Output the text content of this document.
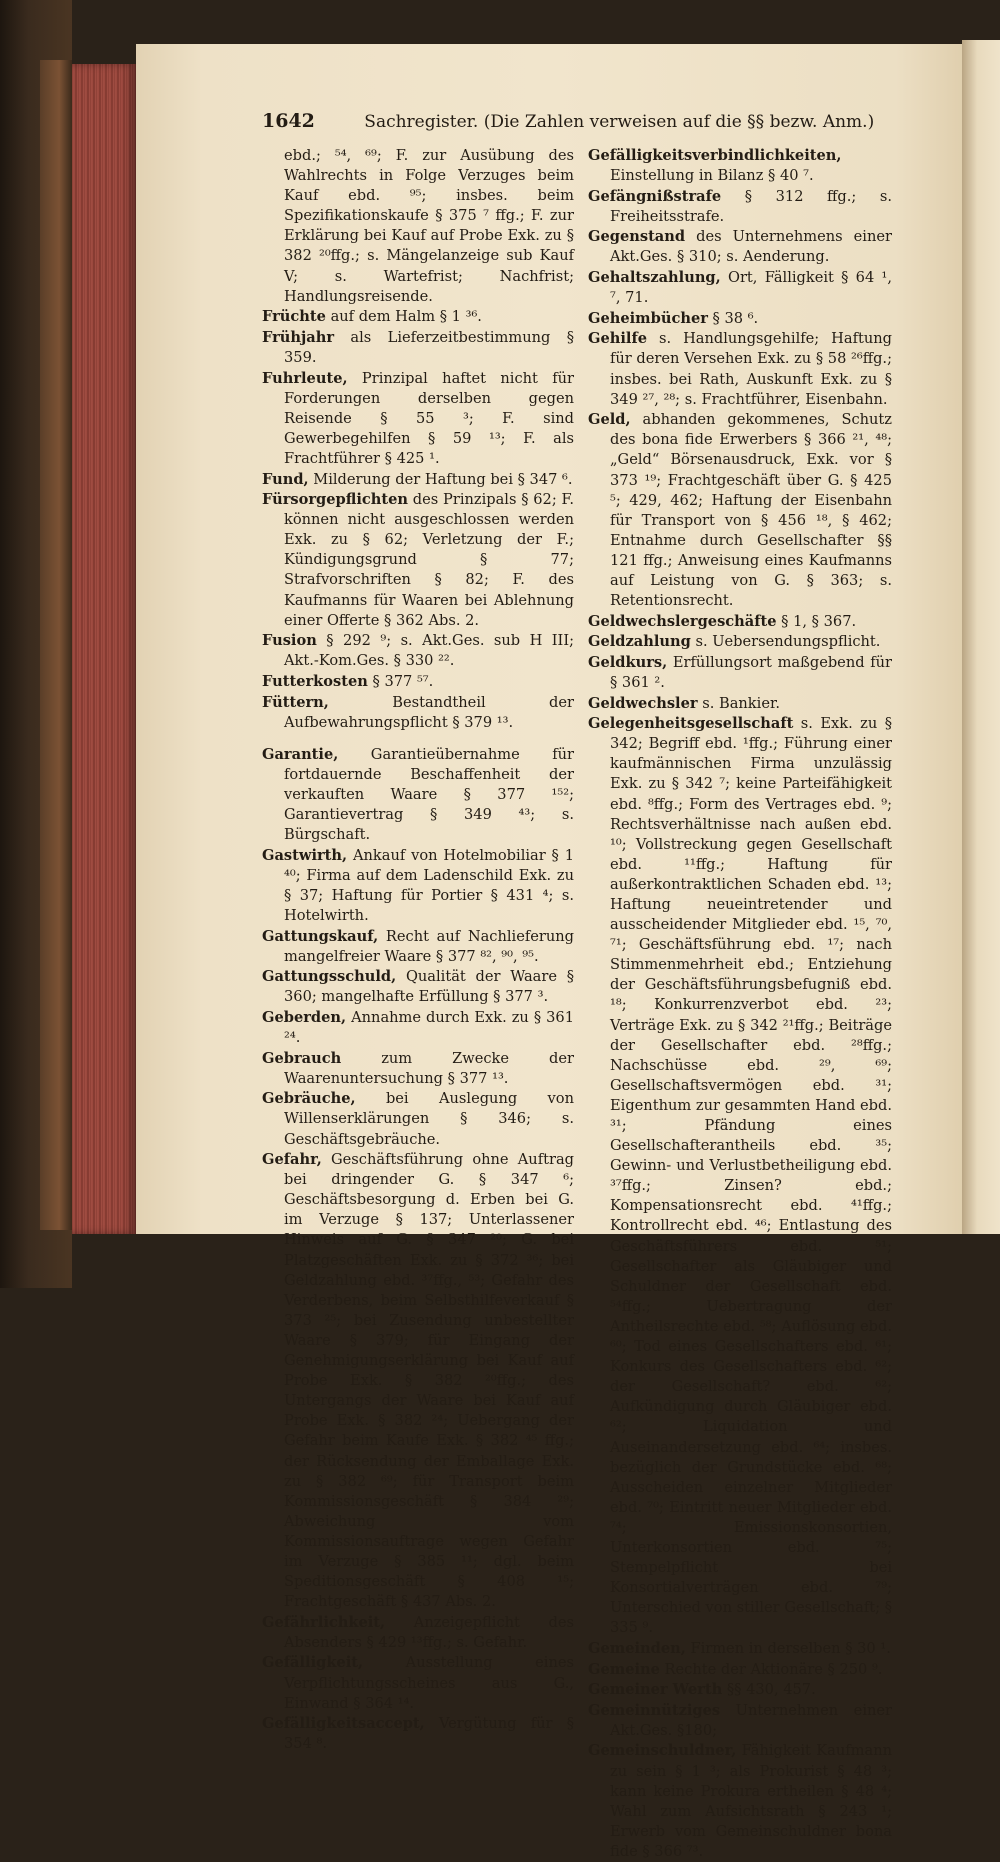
1642	Sachregister. (Die Zahlen verweisen auf die §§ bezw. Anm.)
ebd.; ⁵⁴, ⁶⁹; F. zur Ausübung des Wahlrechts in Folge Verzuges beim Kauf ebd. ⁹⁵; insbes. beim Spezifikationskaufe § 375 ⁷ ffg.; F. zur Erklärung bei Kauf auf Probe Exk. zu § 382 ²⁰ffg.; s. Mängelanzeige sub Kauf V; s. Wartefrist; Nachfrist; Handlungsreisende.
Früchte auf dem Halm § 1 ³⁶.
Frühjahr als Lieferzeitbestimmung § 359.
Fuhrleute, Prinzipal haftet nicht für Forderungen derselben gegen Reisende § 55 ³; F. sind Gewerbegehilfen § 59 ¹³; F. als Frachtführer § 425 ¹.
Fund, Milderung der Haftung bei § 347 ⁶.
Fürsorgepflichten des Prinzipals § 62; F. können nicht ausgeschlossen werden Exk. zu § 62; Verletzung der F.; Kündigungsgrund § 77; Strafvorschriften § 82; F. des Kaufmanns für Waaren bei Ablehnung einer Offerte § 362 Abs. 2.
Fusion § 292 ⁹; s. Akt.Ges. sub H III; Akt.-Kom.Ges. § 330 ²².
Futterkosten § 377 ⁵⁷.
Füttern, Bestandtheil der Aufbewahrungspflicht § 379 ¹³.
Garantie, Garantieübernahme für fortdauernde Beschaffenheit der verkauften Waare § 377 ¹⁵²; Garantievertrag § 349 ⁴³; s. Bürgschaft.
Gastwirth, Ankauf von Hotelmobiliar § 1 ⁴⁰; Firma auf dem Ladenschild Exk. zu § 37; Haftung für Portier § 431 ⁴; s. Hotelwirth.
Gattungskauf, Recht auf Nachlieferung mangelfreier Waare § 377 ⁸², ⁹⁰, ⁹⁵.
Gattungsschuld, Qualität der Waare § 360; mangelhafte Erfüllung § 377 ³.
Geberden, Annahme durch Exk. zu § 361 ²⁴.
Gebrauch zum Zwecke der Waarenuntersuchung § 377 ¹³.
Gebräuche, bei Auslegung von Willenserklärungen § 346; s. Geschäftsgebräuche.
Gefahr, Geschäftsführung ohne Auftrag bei dringender G. § 347 ⁶; Geschäftsbesorgung d. Erben bei G. im Verzuge § 137; Unterlassener Hinweis auf G. § 347 ²⁰; G. bei Platzgeschäften Exk. zu § 372 ³⁶; bei Geldzahlung ebd. ³⁷ffg., ⁵³; Gefahr des Verderbens, beim Selbsthilfeverkauf § 373 ²⁵; bei Zusendung unbestellter Waare § 379; für Eingang der Genehmigungserklärung bei Kauf auf Probe Exk. § 382 ²⁰ffg.; des Untergangs der Waare bei Kauf auf Probe Exk. § 382 ²⁴; Uebergang der Gefahr beim Kaufe Exk. § 382 ⁴⁵ ffg.; der Rücksendung der Emballage Exk. zu § 382 ⁶⁹; für Transport beim Kommissionsgeschäft § 384 ²⁹; Abweichung vom Kommissionsauftrage wegen Gefahr im Verzuge § 385 ¹¹; dgl. beim Speditionsgeschäft § 408 ¹⁵; Frachtgeschäft § 437 Abs. 2.
Gefährlichkeit, Anzeigepflicht des Absenders § 429 ¹³ffg.; s. Gefahr.
Gefälligkeit, Ausstellung eines Verpflichtungsscheines aus G., Einwand § 364 ¹⁴.
Gefälligkeitsaccept, Vergütung für § 354 ⁸.
Gefälligkeitsverbindlichkeiten, Einstellung in Bilanz § 40 ⁷.
Gefängnißstrafe § 312 ffg.; s. Freiheitsstrafe.
Gegenstand des Unternehmens einer Akt.Ges. § 310; s. Aenderung.
Gehaltszahlung, Ort, Fälligkeit § 64 ¹, ⁷, 71.
Geheimbücher § 38 ⁶.
Gehilfe s. Handlungsgehilfe; Haftung für deren Versehen Exk. zu § 58 ²⁶ffg.; insbes. bei Rath, Auskunft Exk. zu § 349 ²⁷, ²⁸; s. Frachtführer, Eisenbahn.
Geld, abhanden gekommenes, Schutz des bona fide Erwerbers § 366 ²¹, ⁴⁸; „Geld“ Börsenausdruck, Exk. vor § 373 ¹⁹; Frachtgeschäft über G. § 425 ⁵; 429, 462; Haftung der Eisenbahn für Transport von § 456 ¹⁸, § 462; Entnahme durch Gesellschafter §§ 121 ffg.; Anweisung eines Kaufmanns auf Leistung von G. § 363; s. Retentionsrecht.
Geldwechslergeschäfte § 1, § 367.
Geldzahlung s. Uebersendungspflicht.
Geldkurs, Erfüllungsort maßgebend für § 361 ².
Geldwechsler s. Bankier.
Gelegenheitsgesellschaft s. Exk. zu § 342; Begriff ebd. ¹ffg.; Führung einer kaufmännischen Firma unzulässig Exk. zu § 342 ⁷; keine Parteifähigkeit ebd. ⁸ffg.; Form des Vertrages ebd. ⁹; Rechtsverhältnisse nach außen ebd. ¹⁰; Vollstreckung gegen Gesellschaft ebd. ¹¹ffg.; Haftung für außerkontraktlichen Schaden ebd. ¹³; Haftung neueintretender und ausscheidender Mitglieder ebd. ¹⁵, ⁷⁰, ⁷¹; Geschäftsführung ebd. ¹⁷; nach Stimmenmehrheit ebd.; Entziehung der Geschäftsführungsbefugniß ebd. ¹⁸; Konkurrenzverbot ebd. ²³; Verträge Exk. zu § 342 ²¹ffg.; Beiträge der Gesellschafter ebd. ²⁸ffg.; Nachschüsse ebd. ²⁹, ⁶⁹; Gesellschaftsvermögen ebd. ³¹; Eigenthum zur gesammten Hand ebd. ³¹; Pfändung eines Gesellschafterantheils ebd. ³⁵; Gewinn- und Verlustbetheiligung ebd. ³⁷ffg.; Zinsen? ebd.; Kompensationsrecht ebd. ⁴¹ffg.; Kontrollrecht ebd. ⁴⁶; Entlastung des Geschäftsführers ebd. ⁵¹; Gesellschafter als Gläubiger und Schuldner der Gesellschaft ebd. ⁵⁴ffg.; Uebertragung der Antheilsrechte ebd. ⁵⁸; Auflösung ebd. ⁶⁰; Tod eines Gesellschafters ebd. ⁶¹; Konkurs des Gesellschafters ebd. ⁶²; der Gesellschaft? ebd. ⁶²; Aufkündigung durch Gläubiger ebd. ⁶²; Liquidation und Auseinandersetzung ebd. ⁶⁴; insbes. bezüglich der Grundstücke ebd. ⁶⁸; Ausscheiden einzelner Mitglieder ebd. ⁷⁰; Eintritt neuer Mitglieder ebd. ⁷⁴; Emissionskonsortien, Unterkonsortien ebd. ⁷⁵; Stempelpflicht bei Konsortialverträgen ebd. ⁷⁹; Unterschied von stiller Gesellschaft; § 335 ⁹.
Gemeinden, Firmen in derselben § 30 ¹.
Gemeine Rechte der Aktionäre § 250 ⁹.
Gemeiner Werth §§ 430, 457.
Gemeinnütziges Unternehmen einer Akt.Ges. §180;
Gemeinschuldner, Fähigkeit Kaufmann zu sein § 1 ³; als Prokurist § 48 ³; kann keine Prokura ertheilen § 48 ⁴; Wahl zum Aufsichtsrath § 243 ¹; Erwerb vom Gemeinschuldner bona fide § 366 ⁷³.
